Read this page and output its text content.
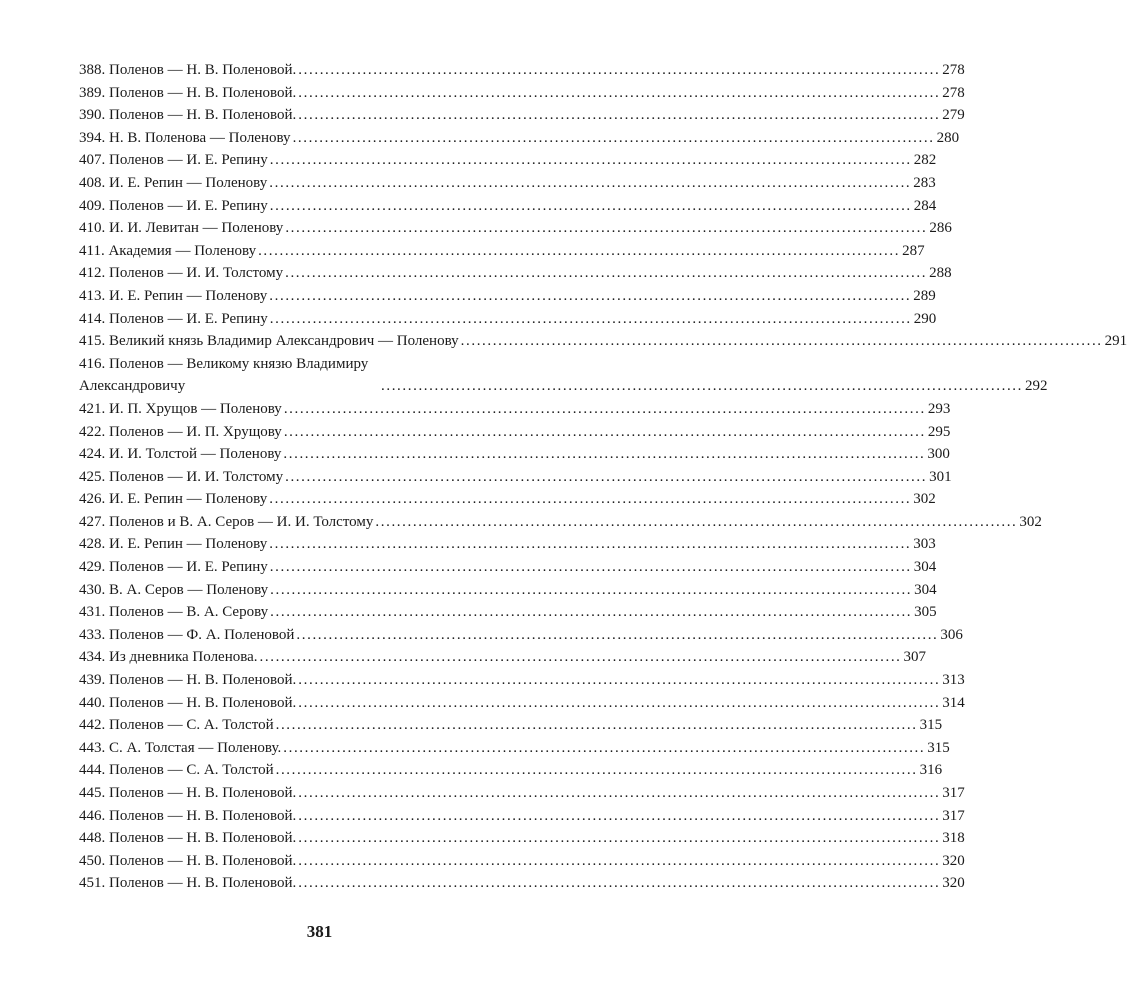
388. Поленов — Н. В. Поленовой. ........................................................................................................................ 278
389. Поленов — Н. В. Поленовой. ........................................................................................................................ 278
390. Поленов — Н. В. Поленовой. ........................................................................................................................ 279
394. Н. В. Поленова — Поленову ........................................................................................................................ 280
407. Поленов — И. Е. Репину ........................................................................................................................ 282
408. И. Е. Репин — Поленову ........................................................................................................................ 283
409. Поленов — И. Е. Репину ........................................................................................................................ 284
410. И. И. Левитан — Поленову ........................................................................................................................ 286
411. Академия — Поленову ........................................................................................................................ 287
412. Поленов — И. И. Толстому ........................................................................................................................ 288
413. И. Е. Репин — Поленову ........................................................................................................................ 289
414. Поленов — И. Е. Репину ........................................................................................................................ 290
415. Великий князь Владимир Александрович — Поленову ........................................................................................................................ 291
416. Поленов — Великому князю Владимиру Александровичу	........................................................................................................................ 292
421. И. П. Хрущов — Поленову ........................................................................................................................ 293
422. Поленов — И. П. Хрущову ........................................................................................................................ 295
424. И. И. Толстой — Поленову ........................................................................................................................ 300
425. Поленов — И. И. Толстому ........................................................................................................................ 301
426. И. Е. Репин — Поленову ........................................................................................................................ 302
427. Поленов и В. А. Серов — И. И. Толстому ........................................................................................................................ 302
428. И. Е. Репин — Поленову ........................................................................................................................ 303
429. Поленов — И. Е. Репину ........................................................................................................................ 304
430. В. А. Серов — Поленову ........................................................................................................................ 304
431. Поленов — В. А. Серову ........................................................................................................................ 305
433. Поленов — Ф. А. Поленовой ........................................................................................................................ 306
434. Из дневника Поленова. ........................................................................................................................ 307
439. Поленов — Н. В. Поленовой. ........................................................................................................................ 313
440. Поленов — Н. В. Поленовой. ........................................................................................................................ 314
442. Поленов — С. А. Толстой ........................................................................................................................ 315
443. С. А. Толстая — Поленову. ........................................................................................................................ 315
444. Поленов — С. А. Толстой ........................................................................................................................ 316
445. Поленов — Н. В. Поленовой. ........................................................................................................................ 317
446. Поленов — Н. В. Поленовой. ........................................................................................................................ 317
448. Поленов — Н. В. Поленовой. ........................................................................................................................ 318
450. Поленов — Н. В. Поленовой. ........................................................................................................................ 320
451. Поленов — Н. В. Поленовой. ........................................................................................................................ 320
381
